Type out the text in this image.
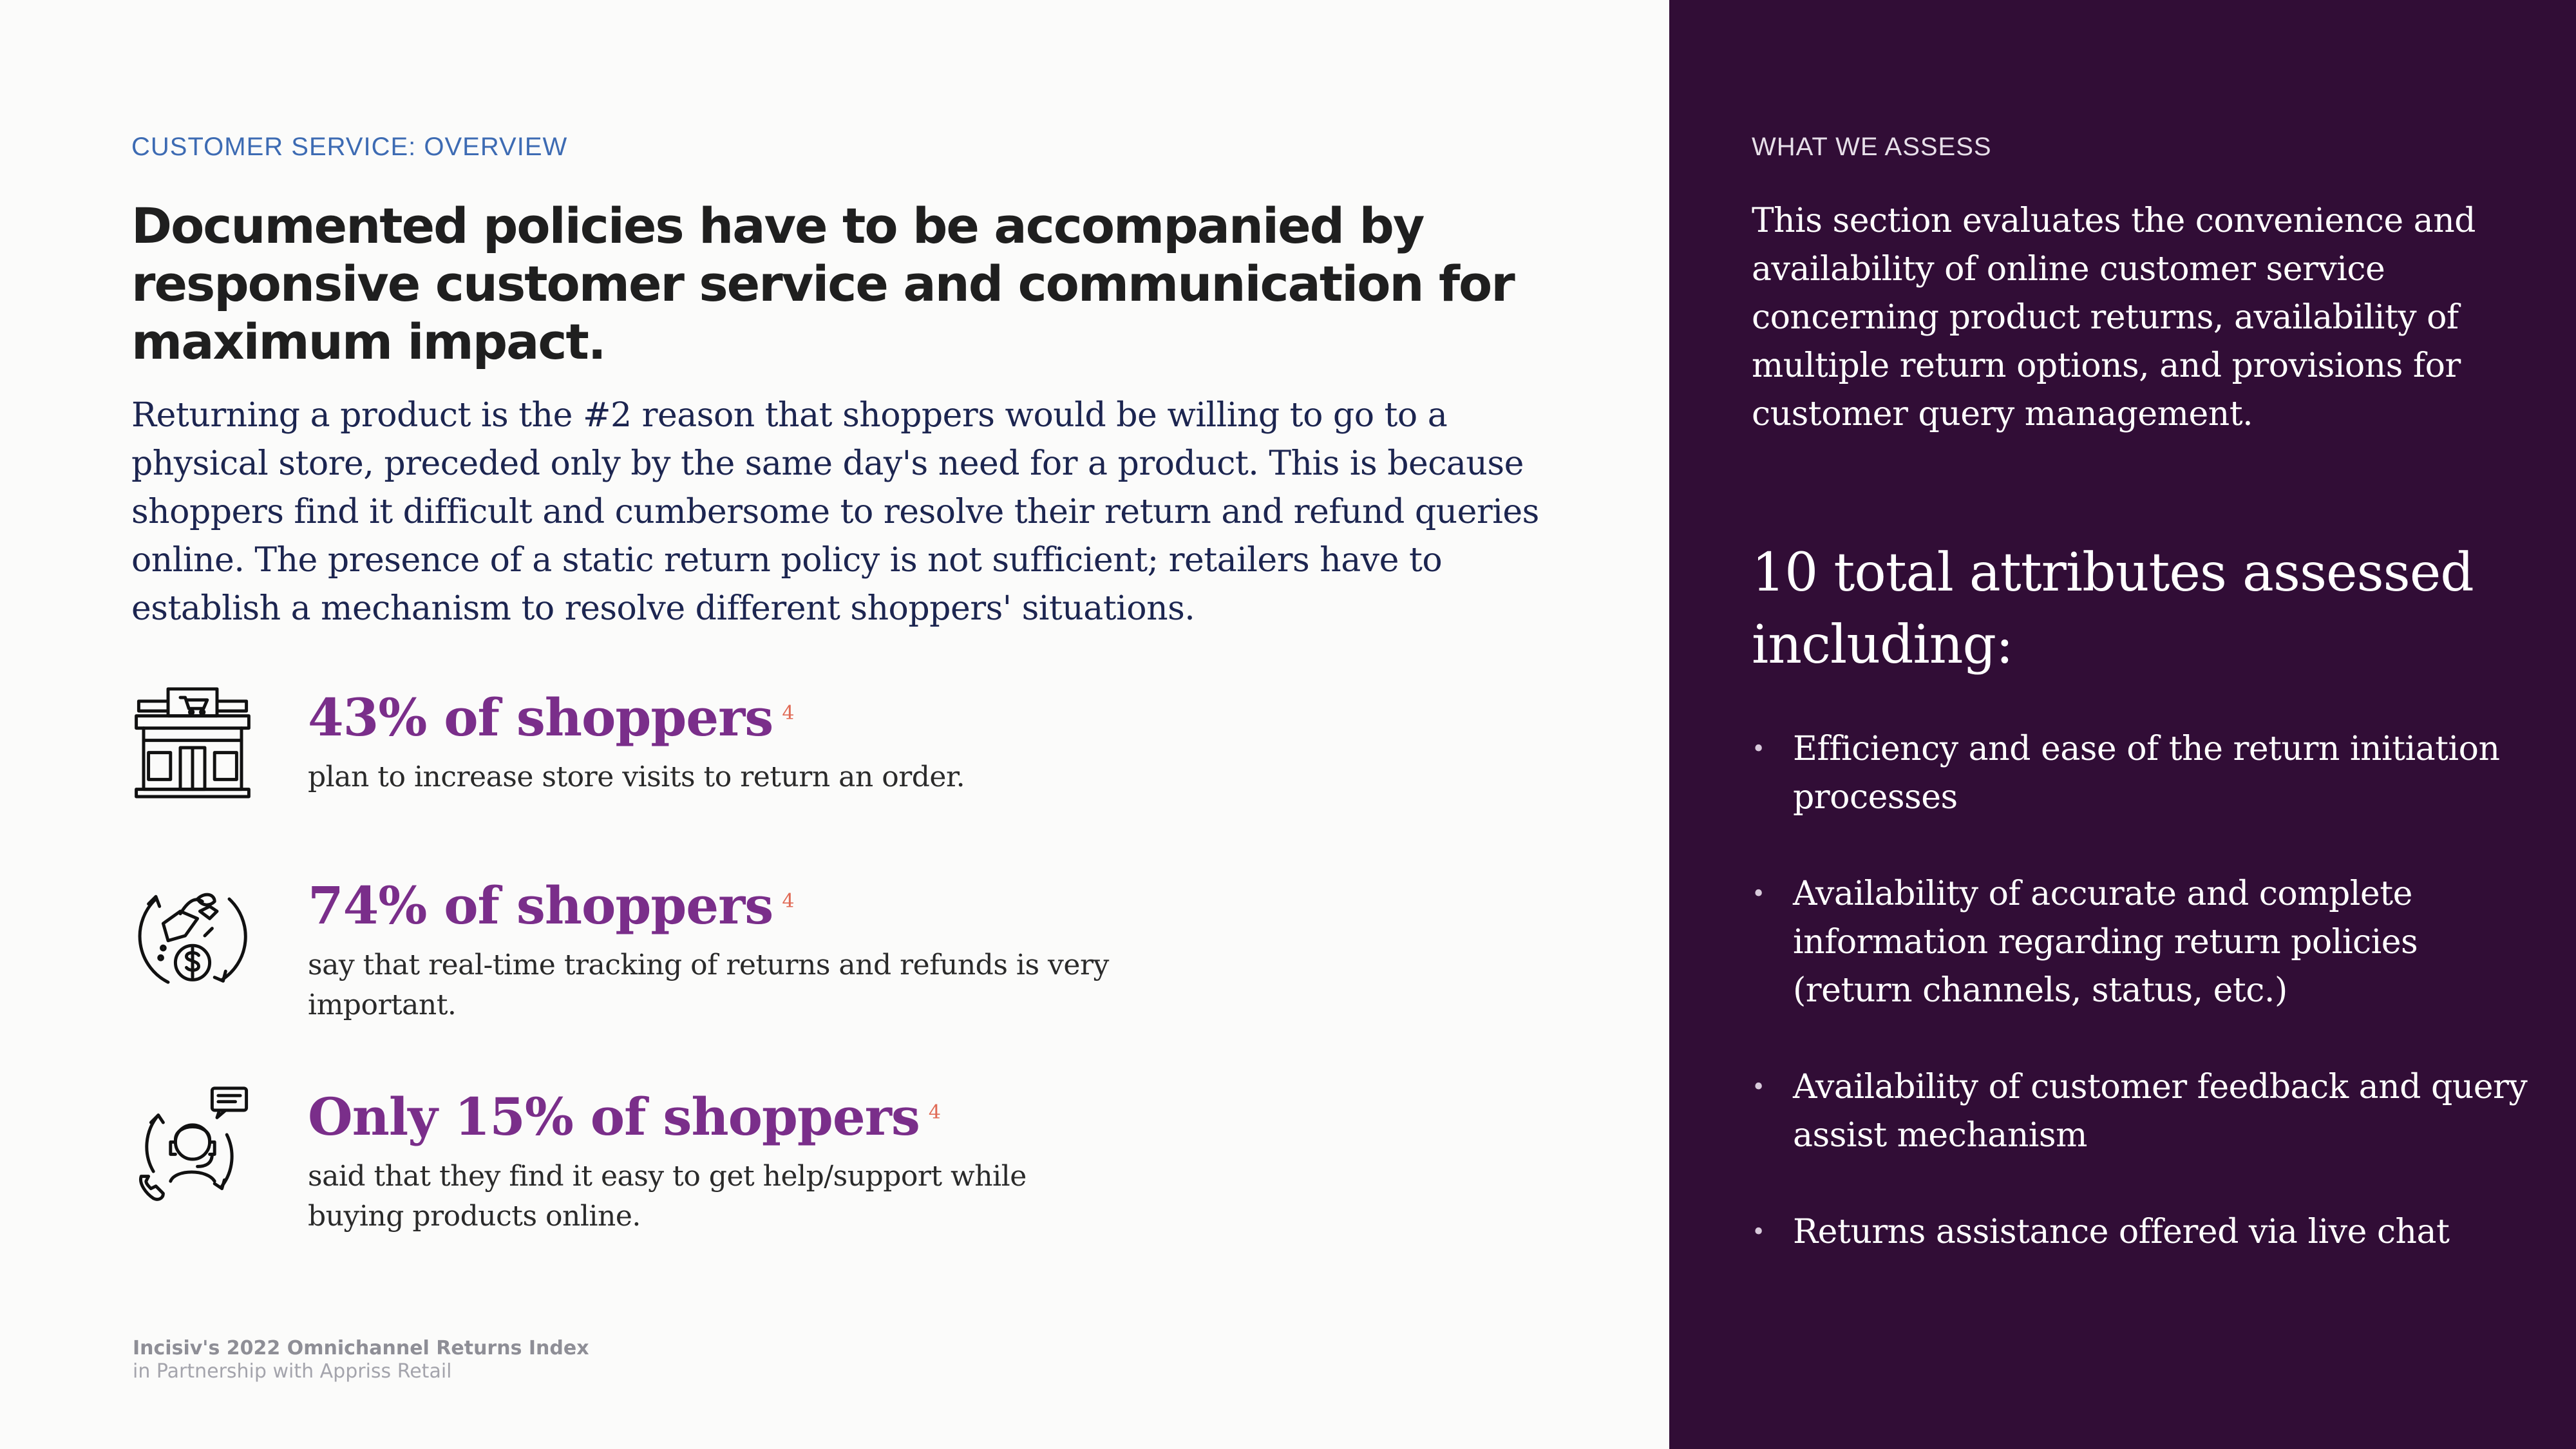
CUSTOMER SERVICE: OVERVIEW
Documented policies have to be accompanied by responsive customer service and communication for maximum impact.
Returning a product is the #2 reason that shoppers would be willing to go to a physical store, preceded only by the same day's need for a product. This is because shoppers find it difficult and cumbersome to resolve their return and refund queries online. The presence of a static return policy is not sufficient; retailers have to establish a mechanism to resolve different shoppers' situations.
43% of shoppers $^4$
plan to increase store visits to return an order.
74% of shoppers $^4$
say that real-time tracking of returns and refunds is very important.
Only 15% of shoppers $^4$
said that they find it easy to get help/support while buying products online.
Incisiv's 2022 Omnichannel Returns Index
in Partnership with Appriss Retail
WHAT WE ASSESS
This section evaluates the convenience and availability of online customer service concerning product returns, availability of multiple return options, and provisions for customer query management.
10 total attributes assessed including:
• Efficiency and ease of the return initiation processes
• Availability of accurate and complete information regarding return policies (return channels, status, etc.)
• Availability of customer feedback and query assist mechanism
• Returns assistance offered via live chat
